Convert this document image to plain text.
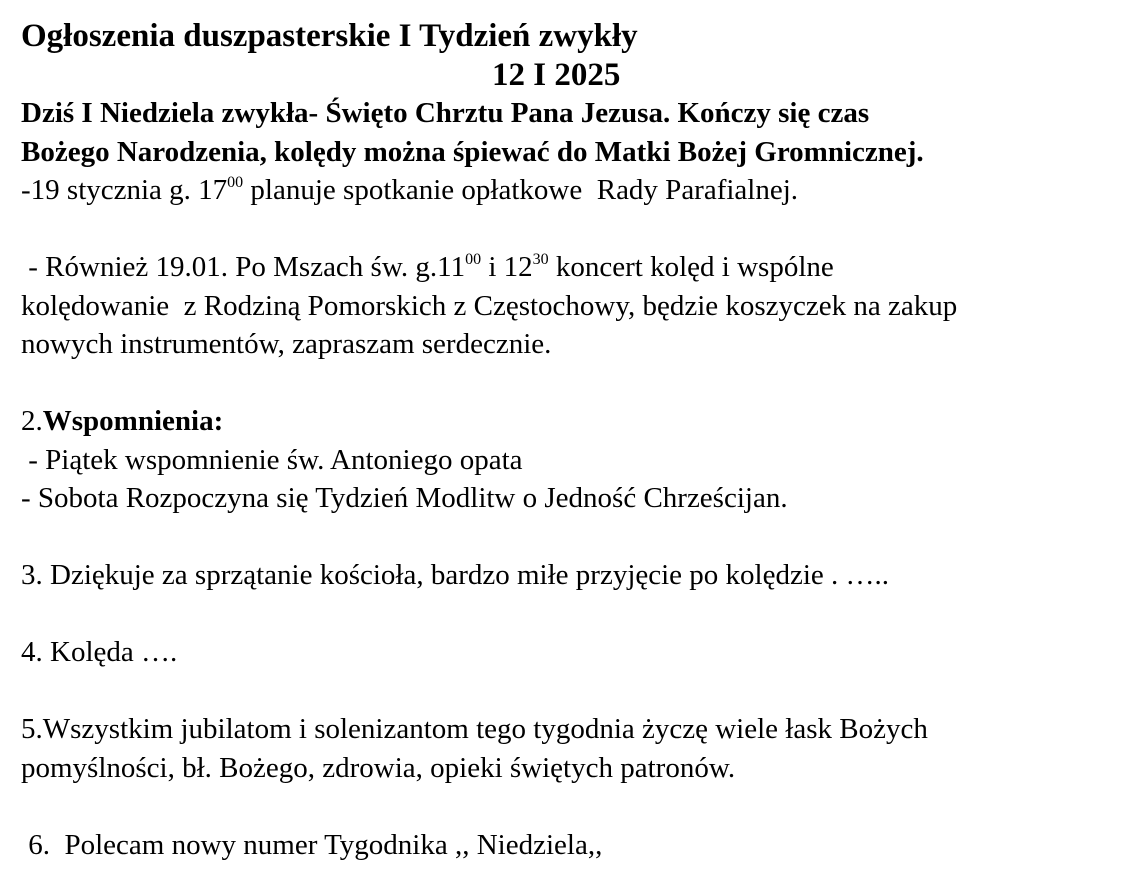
Ogłoszenia duszpasterskie I Tydzień zwykły

12 I 2025

Dziś I Niedziela zwykła- Święto Chrztu Pana Jezusa. Kończy się czas

Bożego Narodzenia, kolędy można śpiewać do Matki Bożej Gromnicznej.

-19 stycznia g. $17^{00}$ planuje spotkanie opłatkowe  Rady Parafialnej.

- Również 19.01. Po Mszach św. $g.11^{00}$ i $12^{30}$ koncert kolęd i wspólne

kolędowanie  z Rodziną Pomorskich z Częstochowy, będzie koszyczek na zakup

nowych instrumentów, zapraszam serdecznie.

2.Wspomnienia:

- Piątek wspomnienie św. Antoniego opata

- Sobota Rozpoczyna się Tydzień Modlitw o Jedność Chrześcijan.

3. Dziękuje za sprzątanie kościoła, bardzo miłe przyjęcie po kolędzie . …..

4. Kolęda ….

5.Wszystkim jubilatom i solenizantom tego tygodnia życzę wiele łask Bożych

pomyślności, bł. Bożego, zdrowia, opieki świętych patronów.

6.  Polecam nowy numer Tygodnika ,, Niedziela,,
